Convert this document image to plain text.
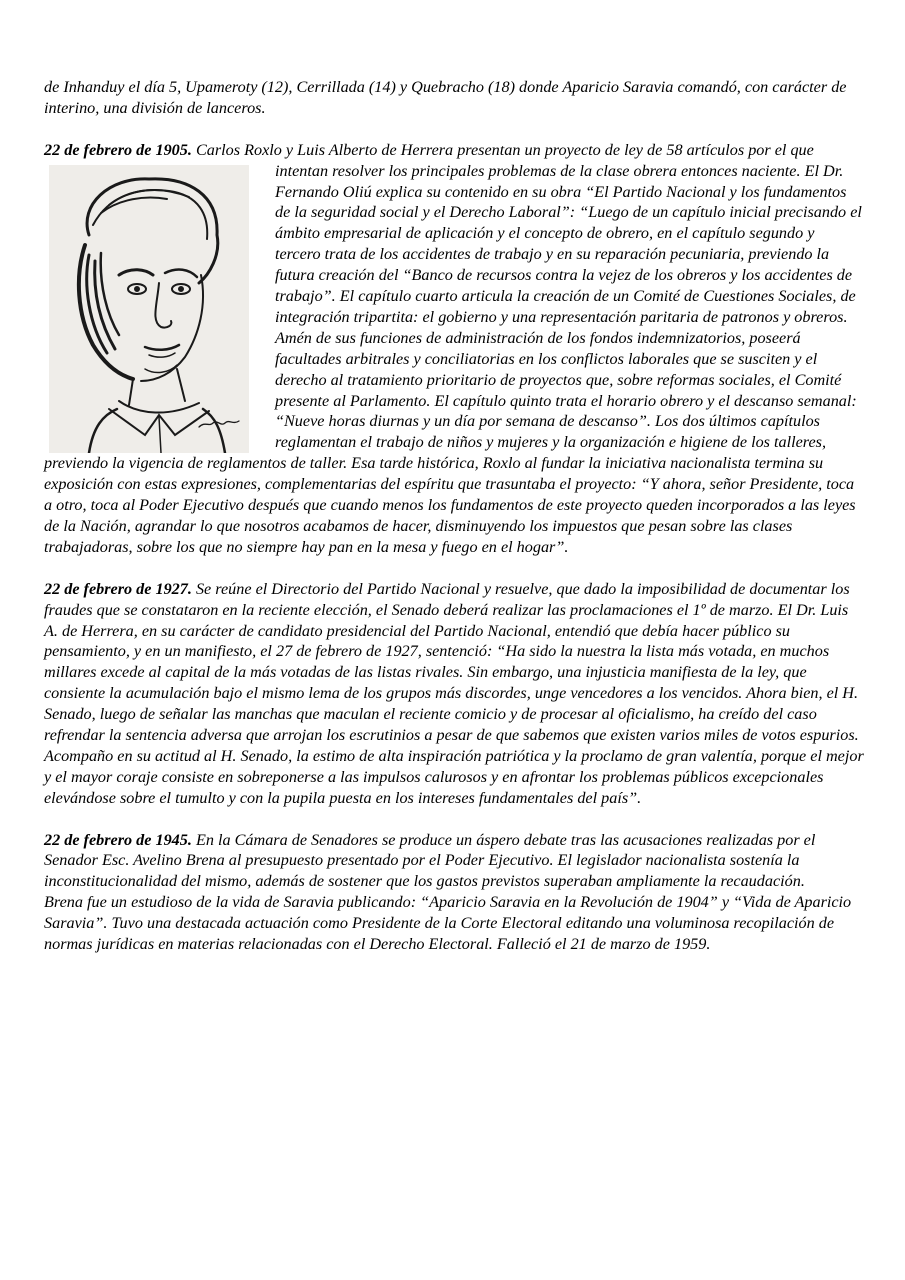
de Inhanduy el día 5, Upameroty (12), Cerrillada (14) y Quebracho (18) donde Aparicio Saravia comandó, con carácter de interino, una división de lanceros.

22 de febrero de 1905. Carlos Roxlo y Luis Alberto de Herrera presentan un proyecto de ley de 58 artículos
por el que intentan resolver los principales problemas de la clase obrera entonces naciente. El Dr. Fernando Oliú explica su contenido en su obra “El Partido Nacional y los fundamentos de la seguridad social y el Derecho Laboral”: “Luego de un capítulo inicial precisando el ámbito empresarial de aplicación y el concepto de obrero, en el capítulo segundo y tercero trata de los accidentes de trabajo y en su reparación pecuniaria, previendo la futura creación del “Banco de recursos contra la vejez de los obreros y los accidentes de trabajo”. El capítulo cuarto articula la creación de un Comité de Cuestiones Sociales, de integración tripartita: el gobierno y una representación paritaria de patronos y obreros. Amén de sus funciones de administración de los fondos indemnizatorios, poseerá facultades arbitrales y conciliatorias en los conflictos laborales que se susciten y el derecho al tratamiento prioritario de proyectos que, sobre reformas sociales, el Comité presente al Parlamento. El capítulo quinto trata el horario obrero y el descanso semanal: “Nueve horas diurnas y un día por semana de descanso”. Los dos últimos capítulos reglamentan el trabajo de niños y mujeres y la organización e higiene de los talleres, previendo la vigencia de reglamentos de taller. Esa tarde histórica, Roxlo al fundar la iniciativa nacionalista termina su exposición con estas expresiones, complementarias del espíritu que trasuntaba el proyecto: “Y ahora, señor Presidente, toca a otro, toca al Poder Ejecutivo después que cuando menos los fundamentos de este proyecto queden incorporados a las leyes de la Nación, agrandar lo que nosotros acabamos de hacer, disminuyendo los impuestos que pesan sobre las clases trabajadoras, sobre los que no siempre hay pan en la mesa y fuego en el hogar”.

22 de febrero de 1927. Se reúne el Directorio del Partido Nacional y resuelve, que dado la imposibilidad de documentar los fraudes que se constataron en la reciente elección, el Senado deberá realizar las proclamaciones el 1º de marzo. El Dr. Luis A. de Herrera, en su carácter de candidato presidencial del Partido Nacional, entendió que debía hacer público su pensamiento, y en un manifiesto, el 27 de febrero de 1927, sentenció: “Ha sido la nuestra la lista más votada, en muchos millares excede al capital de la más votadas de las listas rivales. Sin embargo, una injusticia manifiesta de la ley, que consiente la acumulación bajo el mismo lema de los grupos más discordes, unge vencedores a los vencidos. Ahora bien, el H. Senado, luego de señalar las manchas que maculan el reciente comicio y de procesar al oficialismo, ha creído del caso refrendar la sentencia adversa que arrojan los escrutinios a pesar de que sabemos que existen varios miles de votos espurios. Acompaño en su actitud al H. Senado, la estimo de alta inspiración patriótica y la proclamo de gran valentía, porque el mejor y el mayor coraje consiste en sobreponerse a las impulsos calurosos y en afrontar los problemas públicos excepcionales elevándose sobre el tumulto y con la pupila puesta en los intereses fundamentales del país”.

22 de febrero de 1945. En la Cámara de Senadores se produce un áspero debate tras las acusaciones realizadas por el Senador Esc. Avelino Brena al presupuesto presentado por el Poder Ejecutivo. El legislador nacionalista sostenía la inconstitucionalidad del mismo, además de sostener que los gastos previstos superaban ampliamente la recaudación.

Brena fue un estudioso de la vida de Saravia publicando: “Aparicio Saravia en la Revolución de 1904” y “Vida de Aparicio Saravia”. Tuvo una destacada actuación como Presidente de la Corte Electoral editando una voluminosa recopilación de normas jurídicas en materias relacionadas con el Derecho Electoral. Falleció el 21 de marzo de 1959.
